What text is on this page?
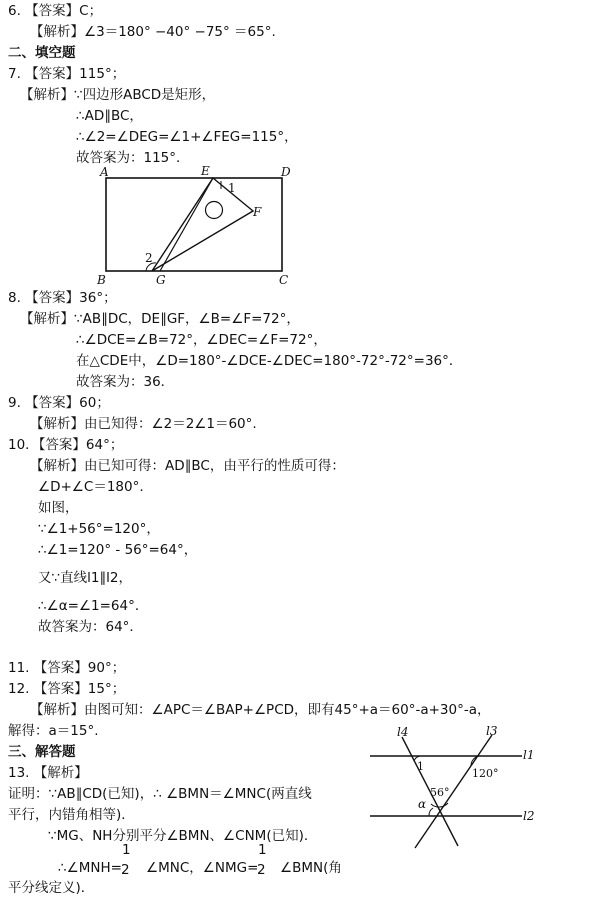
6. 【答案】C；
【解析】∠3＝180° −40° −75° ＝65°.
二、填空题
7. 【答案】115°；
【解析】∵四边形ABCD是矩形，
∴AD∥BC，
∴∠2=∠DEG=∠1+∠FEG=115°，
故答案为：115°．
A	E	D
1
F
2
B	G	C
8. 【答案】36°；
【解析】∵AB∥DC，DE∥GF，∠B=∠F=72°，
∴∠DCE=∠B=72°，∠DEC=∠F=72°，
在△CDE中，∠D=180°-∠DCE-∠DEC=180°-72°-72°=36°．
故答案为：36．
9. 【答案】60；
【解析】由已知得：∠2＝2∠1＝60°.
10．【答案】64°；
【解析】由已知可得：AD∥BC，由平行的性质可得：
∠D+∠C＝180°.
如图，
∵∠1+56°=120°，
∴∠1=120° - 56°=64°，
又∵直线l1∥l2，
∴∠α=∠1=64°．
故答案为：64°．
11. 【答案】90°；
12. 【答案】15°；
【解析】由图可知：∠APC＝∠BAP+∠PCD，即有45°+a＝60°-a+30°-a，
解得：a＝15°.
三、解答题
13. 【解析】
证明：∵AB∥CD(已知)，∴ ∠BMN＝∠MNC(两直线
平行，内错角相等)．
∵MG、NH分别平分∠BMN、∠CNM(已知)．
∴∠MNH=
1
2 ∠MNC，∠NMG=
1
2 ∠BMN(角
平分线定义)．
l4	l3
l1
l2
1
120°
56°
α
